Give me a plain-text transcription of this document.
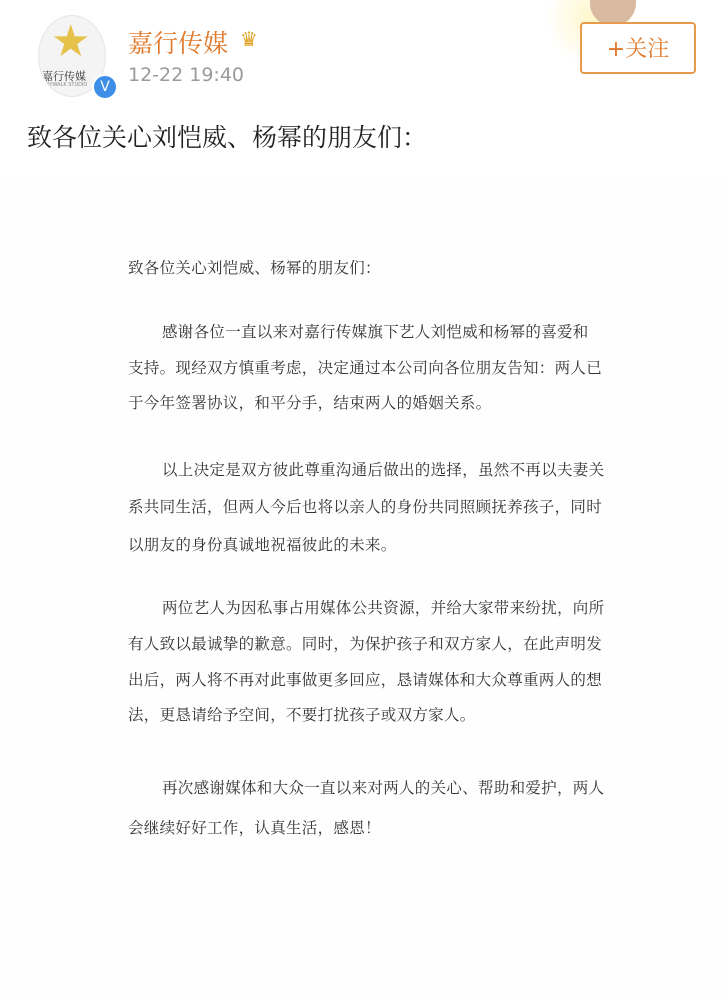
★
嘉行传媒
JAYWALK STUDIO V
嘉行传媒 ♛
12-22 19:40
+关注
致各位关心刘恺威、杨幂的朋友们：
致各位关心刘恺威、杨幂的朋友们：
感谢各位一直以来对嘉行传媒旗下艺人刘恺威和杨幂的喜爱和
支持。现经双方慎重考虑，决定通过本公司向各位朋友告知：两人已
于今年签署协议，和平分手，结束两人的婚姻关系。
以上决定是双方彼此尊重沟通后做出的选择，虽然不再以夫妻关
系共同生活，但两人今后也将以亲人的身份共同照顾抚养孩子，同时
以朋友的身份真诚地祝福彼此的未来。
两位艺人为因私事占用媒体公共资源，并给大家带来纷扰，向所
有人致以最诚挚的歉意。同时，为保护孩子和双方家人，在此声明发
出后，两人将不再对此事做更多回应，恳请媒体和大众尊重两人的想
法，更恳请给予空间，不要打扰孩子或双方家人。
再次感谢媒体和大众一直以来对两人的关心、帮助和爱护，两人
会继续好好工作，认真生活，感恩！
